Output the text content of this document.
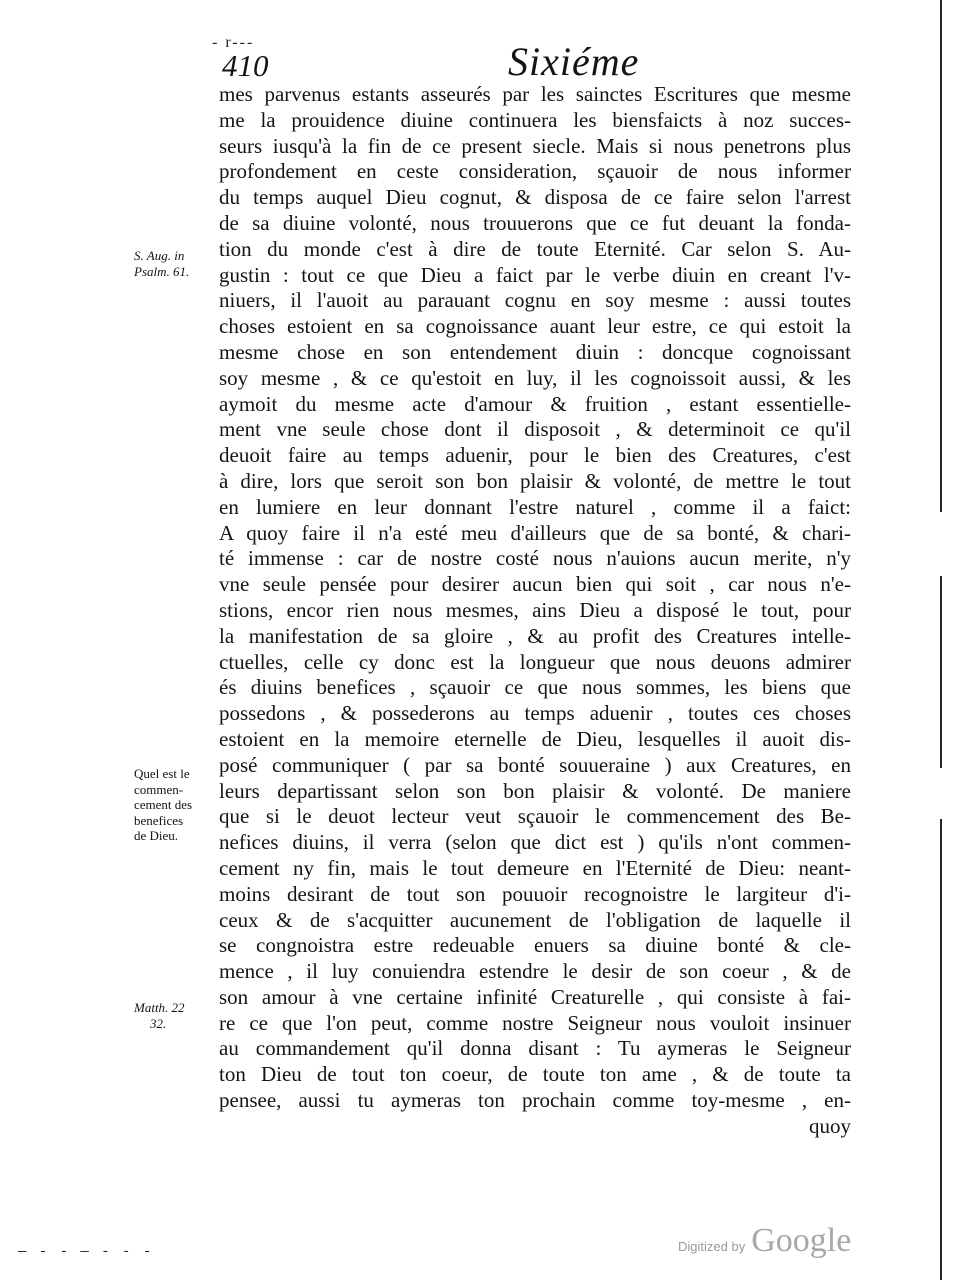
- r---
410	Sixiéme
mes parvenus estants asseurés par les sainctes Escritures que mesme
me la prouidence diuine continuera les biensfaicts à noz succes-
seurs iusqu'à la fin de ce present siecle. Mais si nous penetrons plus
profondement en ceste consideration, sçauoir de nous informer
du temps auquel Dieu cognut, & disposa de ce faire selon l'arrest
de sa diuine volonté, nous trouuerons que ce fut deuant la fonda-
tion du monde c'est à dire de toute Eternité. Car selon S. Au-
gustin : tout ce que Dieu a faict par le verbe diuin en creant l'v-
niuers, il l'auoit au parauant cognu en soy mesme : aussi toutes
choses estoient en sa cognoissance auant leur estre, ce qui estoit la
mesme chose en son entendement diuin : doncque cognoissant
soy mesme , & ce qu'estoit en luy, il les cognoissoit aussi, & les
aymoit du mesme acte d'amour & fruition , estant essentielle-
ment vne seule chose dont il disposoit , & determinoit ce qu'il
deuoit faire au temps aduenir, pour le bien des Creatures, c'est
à dire, lors que seroit son bon plaisir & volonté, de mettre le tout
en lumiere en leur donnant l'estre naturel , comme il a faict:
A quoy faire il n'a esté meu d'ailleurs que de sa bonté, & chari-
té immense : car de nostre costé nous n'auions aucun merite, n'y
vne seule pensée pour desirer aucun bien qui soit , car nous n'e-
stions, encor rien nous mesmes, ains Dieu a disposé le tout, pour
la manifestation de sa gloire , & au profit des Creatures intelle-
ctuelles, celle cy donc est la longueur que nous deuons admirer
és diuins benefices , sçauoir ce que nous sommes, les biens que
possedons , & possederons au temps aduenir , toutes ces choses
estoient en la memoire eternelle de Dieu, lesquelles il auoit dis-
posé communiquer ( par sa bonté souueraine ) aux Creatures, en
leurs departissant selon son bon plaisir & volonté. De maniere
que si le deuot lecteur veut sçauoir le commencement des Be-
nefices diuins, il verra (selon que dict est ) qu'ils n'ont commen-
cement ny fin, mais le tout demeure en l'Eternité de Dieu: neant-
moins desirant de tout son pouuoir recognoistre le largiteur d'i-
ceux & de s'acquitter aucunement de l'obligation de laquelle il
se congnoistra estre redeuable enuers sa diuine bonté & cle-
mence , il luy conuiendra estendre le desir de son coeur , & de
son amour à vne certaine infinité Creaturelle , qui consiste à fai-
re ce que l'on peut, comme nostre Seigneur nous vouloit insinuer
au commandement qu'il donna disant : Tu aymeras le Seigneur
ton Dieu de tout ton coeur, de toute ton ame , & de toute ta
pensee, aussi tu aymeras ton prochain comme toy-mesme , en-
quoy
S. Aug. in
Psalm. 61.
Quel est le
commen-
cement des
benefices
de Dieu.
Matth. 22
32.
— - - — - - -	Digitized by Google
